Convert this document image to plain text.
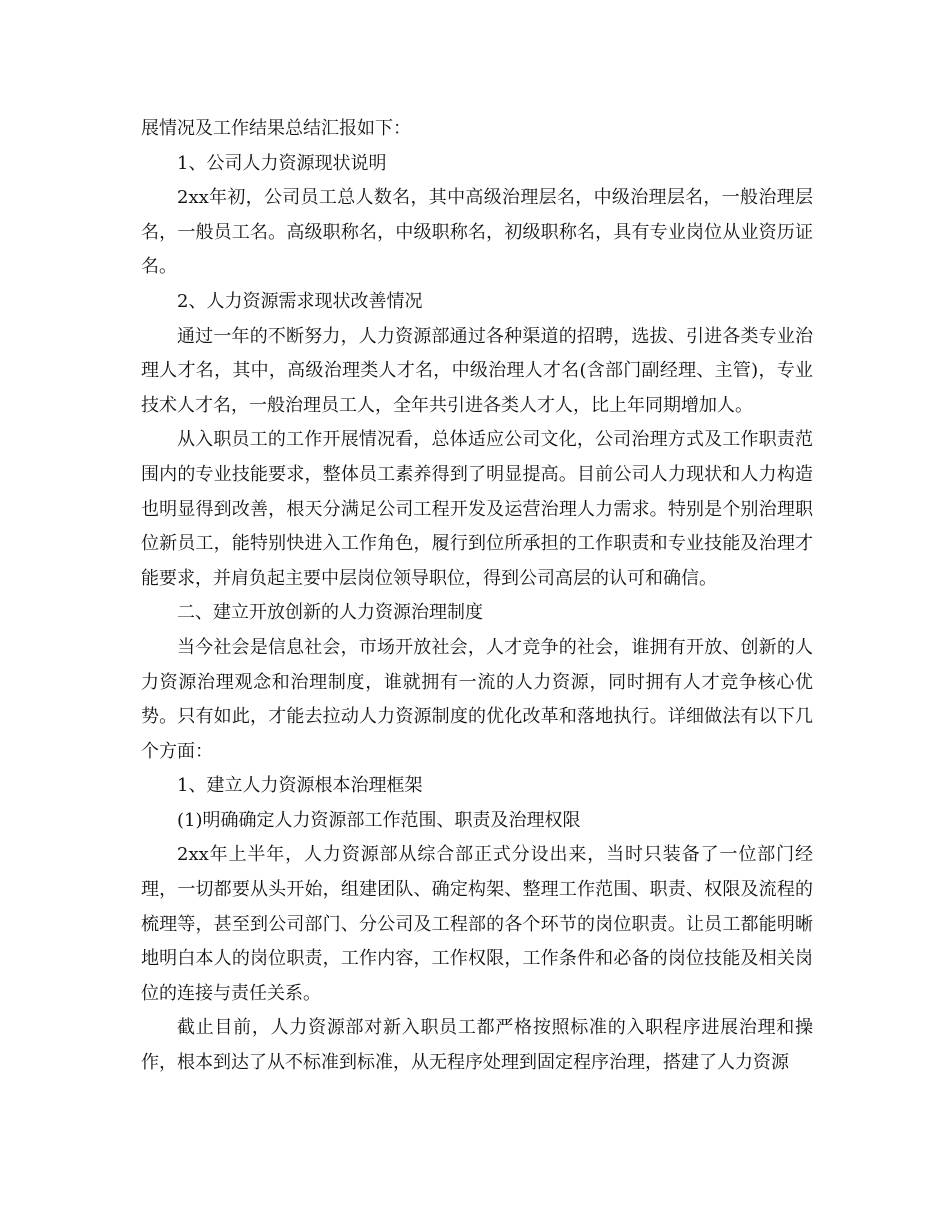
展情况及工作结果总结汇报如下：

1、公司人力资源现状说明

2xx年初，公司员工总人数名，其中高级治理层名，中级治理层名，一般治理层名，一般员工名。高级职称名，中级职称名，初级职称名，具有专业岗位从业资历证名。

2、人力资源需求现状改善情况

通过一年的不断努力，人力资源部通过各种渠道的招聘，选拔、引进各类专业治理人才名，其中，高级治理类人才名，中级治理人才名(含部门副经理、主管)，专业技术人才名，一般治理员工人，全年共引进各类人才人，比上年同期增加人。

从入职员工的工作开展情况看，总体适应公司文化，公司治理方式及工作职责范围内的专业技能要求，整体员工素养得到了明显提高。目前公司人力现状和人力构造也明显得到改善，根天分满足公司工程开发及运营治理人力需求。特别是个别治理职位新员工，能特别快进入工作角色，履行到位所承担的工作职责和专业技能及治理才能要求，并肩负起主要中层岗位领导职位，得到公司高层的认可和确信。

二、建立开放创新的人力资源治理制度

当今社会是信息社会，市场开放社会，人才竞争的社会，谁拥有开放、创新的人力资源治理观念和治理制度，谁就拥有一流的人力资源，同时拥有人才竞争核心优势。只有如此，才能去拉动人力资源制度的优化改革和落地执行。详细做法有以下几个方面：

1、建立人力资源根本治理框架

(1)明确确定人力资源部工作范围、职责及治理权限

2xx年上半年，人力资源部从综合部正式分设出来，当时只装备了一位部门经理，一切都要从头开始，组建团队、确定构架、整理工作范围、职责、权限及流程的梳理等，甚至到公司部门、分公司及工程部的各个环节的岗位职责。让员工都能明晰地明白本人的岗位职责，工作内容，工作权限，工作条件和必备的岗位技能及相关岗位的连接与责任关系。

截止目前，人力资源部对新入职员工都严格按照标准的入职程序进展治理和操作，根本到达了从不标准到标准，从无程序处理到固定程序治理，搭建了人力资源
